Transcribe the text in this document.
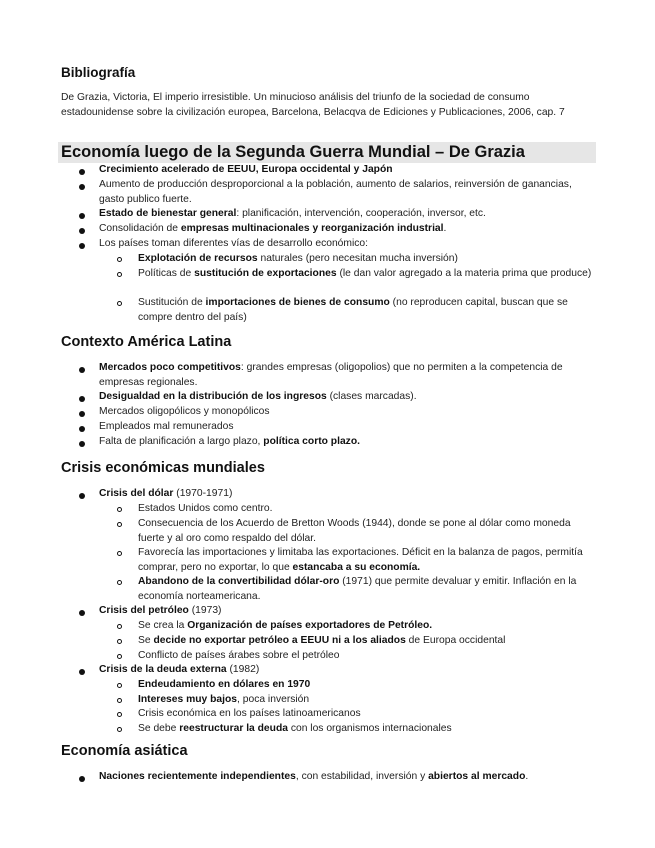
Bibliografía
De Grazia, Victoria, El imperio irresistible. Un minucioso análisis del triunfo de la sociedad de consumo estadounidense sobre la civilización europea, Barcelona, Belacqva de Ediciones y Publicaciones, 2006, cap. 7
Economía luego de la Segunda Guerra Mundial – De Grazia
Crecimiento acelerado de EEUU, Europa occidental y Japón
Aumento de producción desproporcional a la población, aumento de salarios, reinversión de ganancias, gasto publico fuerte.
Estado de bienestar general: planificación, intervención, cooperación, inversor, etc.
Consolidación de empresas multinacionales y reorganización industrial.
Los países toman diferentes vías de desarrollo económico:
Explotación de recursos naturales (pero necesitan mucha inversión)
Políticas de sustitución de exportaciones (le dan valor agregado a la materia prima que produce)
Sustitución de importaciones de bienes de consumo (no reproducen capital, buscan que se compre dentro del país)
Contexto América Latina
Mercados poco competitivos: grandes empresas (oligopolios) que no permiten a la competencia de empresas regionales.
Desigualdad en la distribución de los ingresos (clases marcadas).
Mercados oligopólicos y monopólicos
Empleados mal remunerados
Falta de planificación a largo plazo, política corto plazo.
Crisis económicas mundiales
Crisis del dólar (1970-1971)
Estados Unidos como centro.
Consecuencia de los Acuerdo de Bretton Woods (1944), donde se pone al dólar como moneda fuerte y al oro como respaldo del dólar.
Favorecía las importaciones y limitaba las exportaciones. Déficit en la balanza de pagos, permitía comprar, pero no exportar, lo que estancaba a su economía.
Abandono de la convertibilidad dólar-oro (1971) que permite devaluar y emitir. Inflación en la economía norteamericana.
Crisis del petróleo (1973)
Se crea la Organización de países exportadores de Petróleo.
Se decide no exportar petróleo a EEUU ni a los aliados de Europa occidental
Conflicto de países árabes sobre el petróleo
Crisis de la deuda externa (1982)
Endeudamiento en dólares en 1970
Intereses muy bajos, poca inversión
Crisis económica en los países latinoamericanos
Se debe reestructurar la deuda con los organismos internacionales
Economía asiática
Naciones recientemente independientes, con estabilidad, inversión y abiertos al mercado.
